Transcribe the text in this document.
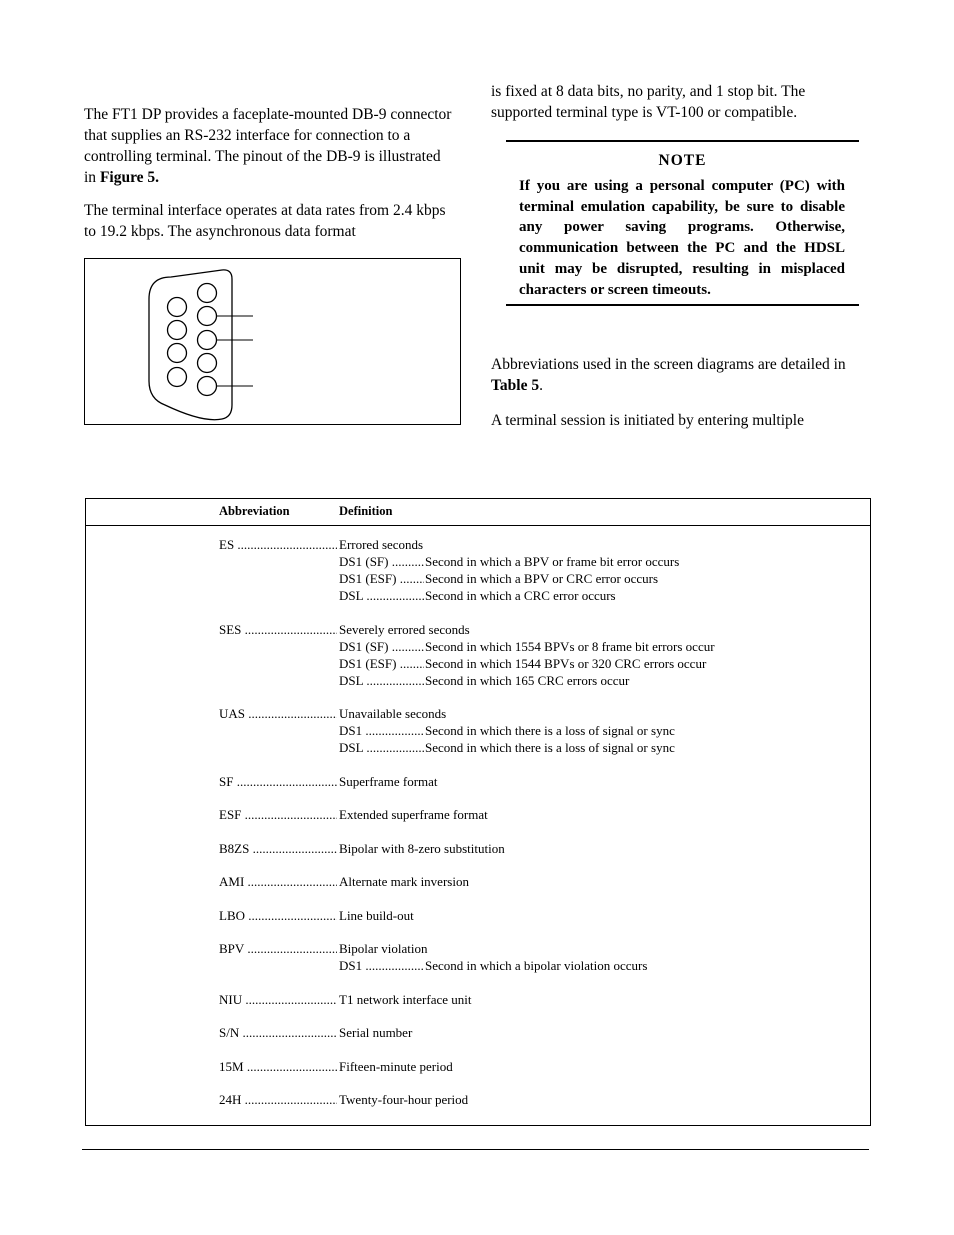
The FT1 DP provides a faceplate-mounted DB-9 connector that supplies an RS-232 interface for connection to a controlling terminal. The pinout of the DB-9 is illustrated in Figure 5.

The terminal interface operates at data rates from 2.4 kbps to 19.2 kbps. The asynchronous data format

is fixed at 8 data bits, no parity, and 1 stop bit. The supported terminal type is VT-100 or compatible.

NOTE
If you are using a personal computer (PC) with terminal emulation capability, be sure to disable any power saving programs. Otherwise, communication between the PC and the HDSL unit may be disrupted, resulting in misplaced characters or screen timeouts.

Abbreviations used in the screen diagrams are detailed in Table 5.

A terminal session is initiated by entering multiple

Abbreviation	Definition
ES .....	Errored seconds
DS1 (SF) .....	Second in which a BPV or frame bit error occurs
DS1 (ESF) .....	Second in which a BPV or CRC error occurs
DSL .....	Second in which a CRC error occurs
SES .....	Severely errored seconds
DS1 (SF) .....	Second in which 1554 BPVs or 8 frame bit errors occur
DS1 (ESF) .....	Second in which 1544 BPVs or 320 CRC errors occur
DSL .....	Second in which 165 CRC errors occur
UAS .....	Unavailable seconds
DS1 .....	Second in which there is a loss of signal or sync
DSL .....	Second in which there is a loss of signal or sync
SF .....	Superframe format
ESF .....	Extended superframe format
B8ZS .....	Bipolar with 8-zero substitution
AMI .....	Alternate mark inversion
LBO .....	Line build-out
BPV .....	Bipolar violation
DS1 .....	Second in which a bipolar violation occurs
NIU .....	T1 network interface unit
S/N .....	Serial number
15M .....	Fifteen-minute period
24H .....	Twenty-four-hour period
